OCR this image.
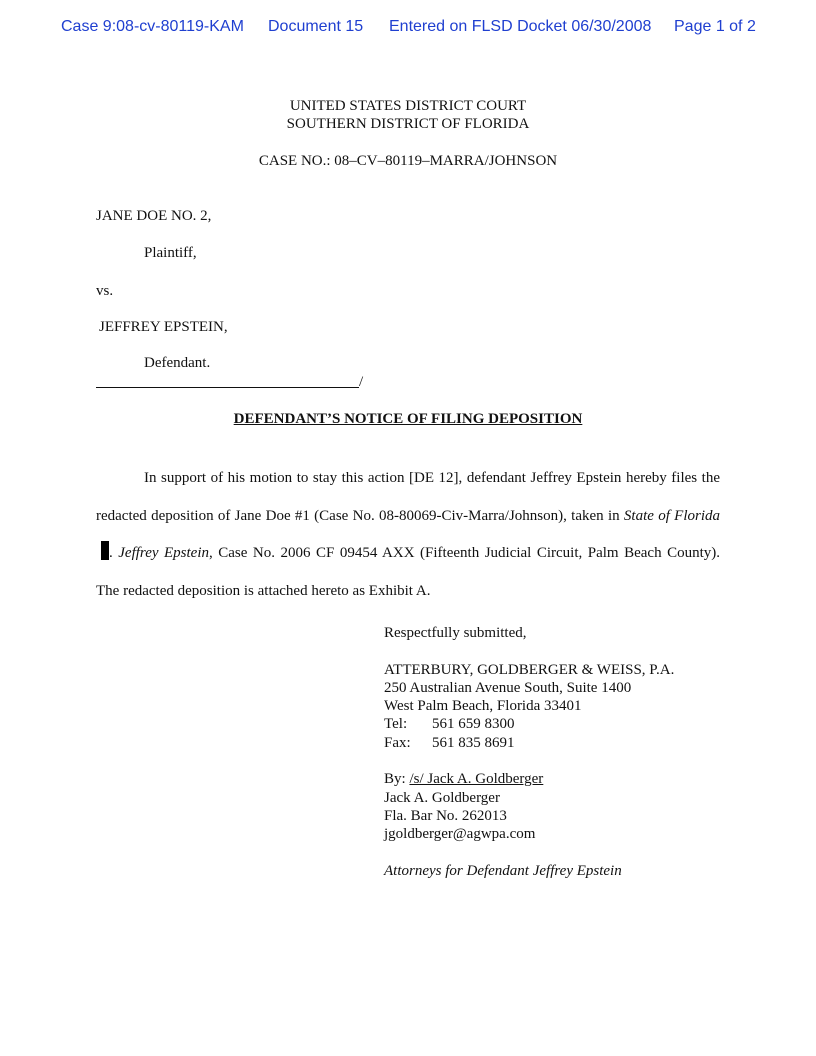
Case 9:08-cv-80119-KAM Document 15 Entered on FLSD Docket 06/30/2008 Page 1 of 2
UNITED STATES DISTRICT COURT
SOUTHERN DISTRICT OF FLORIDA
CASE NO.: 08–CV–80119–MARRA/JOHNSON
JANE DOE NO. 2,
Plaintiff,
vs.
JEFFREY EPSTEIN,
Defendant.
/
DEFENDANT’S NOTICE OF FILING DEPOSITION

In support of his motion to stay this action [DE 12], defendant Jeffrey Epstein hereby files the redacted deposition of Jane Doe #1 (Case No. 08-80069-Civ-Marra/Johnson), taken in State of Florida. Jeffrey Epstein, Case No. 2006 CF 09454 AXX (Fifteenth Judicial Circuit, Palm Beach County). The redacted deposition is attached hereto as Exhibit A.

Respectfully submitted,
ATTERBURY, GOLDBERGER & WEISS, P.A.
250 Australian Avenue South, Suite 1400
West Palm Beach, Florida 33401
Tel: 561 659 8300
Fax: 561 835 8691
By: /s/ Jack A. Goldberger
Jack A. Goldberger
Fla. Bar No. 262013
jgoldberger@agwpa.com
Attorneys for Defendant Jeffrey Epstein
